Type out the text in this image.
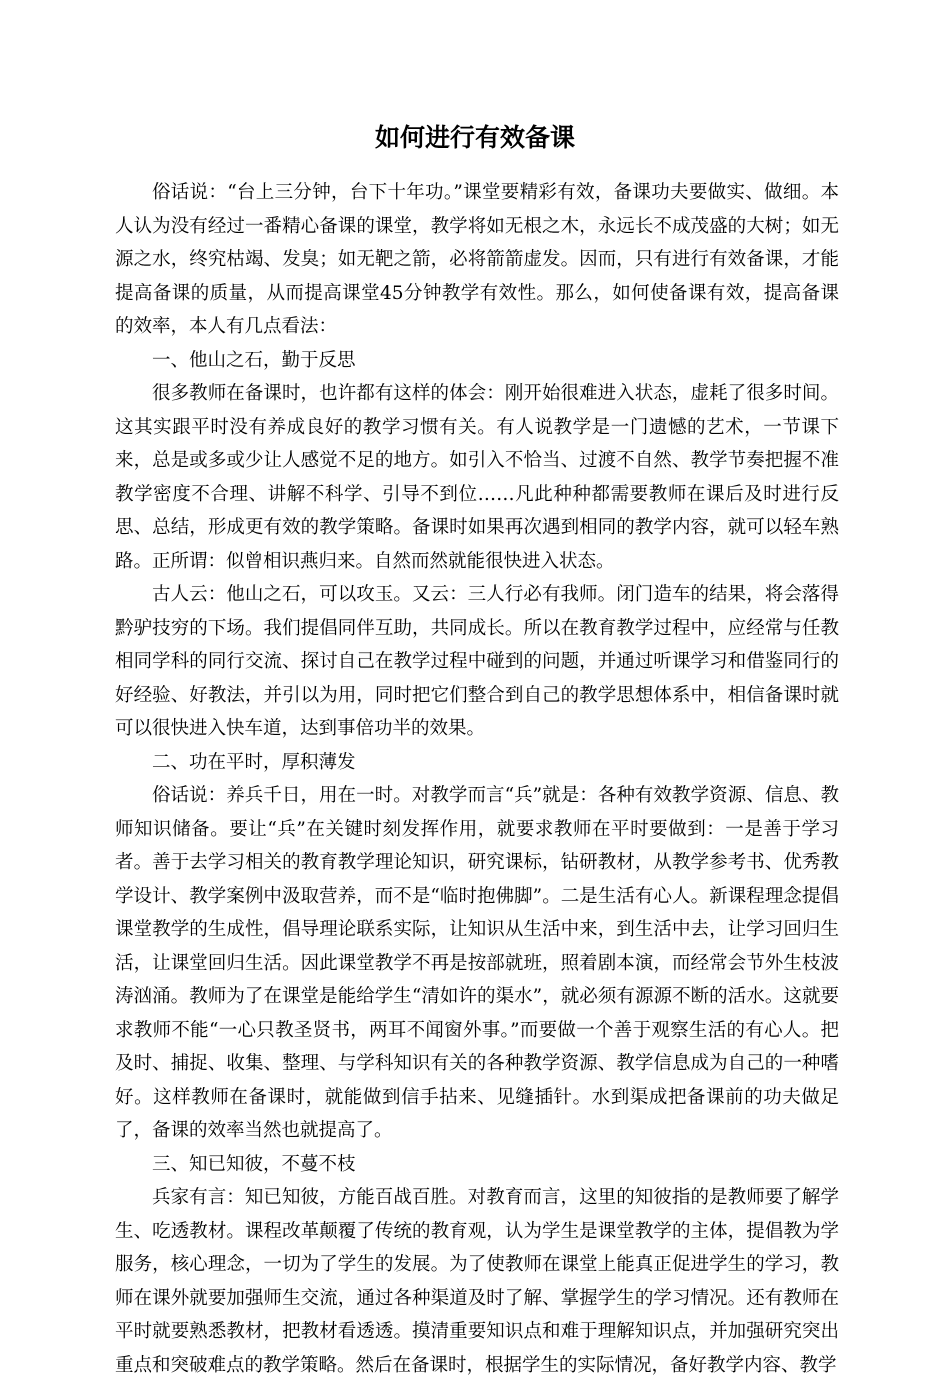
如何进行有效备课

俗话说：“台上三分钟，台下十年功。”课堂要精彩有效，备课功夫要做实、做细。本人认为没有经过一番精心备课的课堂，教学将如无根之木，永远长不成茂盛的大树；如无源之水，终究枯竭、发臭；如无靶之箭，必将箭箭虚发。因而，只有进行有效备课，才能提高备课的质量，从而提高课堂45分钟教学有效性。那么，如何使备课有效，提高备课的效率，本人有几点看法：

一、他山之石，勤于反思

很多教师在备课时，也许都有这样的体会：刚开始很难进入状态，虚耗了很多时间。这其实跟平时没有养成良好的教学习惯有关。有人说教学是一门遗憾的艺术，一节课下来，总是或多或少让人感觉不足的地方。如引入不恰当、过渡不自然、教学节奏把握不准教学密度不合理、讲解不科学、引导不到位……凡此种种都需要教师在课后及时进行反思、总结，形成更有效的教学策略。备课时如果再次遇到相同的教学内容，就可以轻车熟路。正所谓：似曾相识燕归来。自然而然就能很快进入状态。

古人云：他山之石，可以攻玉。又云：三人行必有我师。闭门造车的结果，将会落得黔驴技穷的下场。我们提倡同伴互助，共同成长。所以在教育教学过程中，应经常与任教相同学科的同行交流、探讨自己在教学过程中碰到的问题，并通过听课学习和借鉴同行的好经验、好教法，并引以为用，同时把它们整合到自己的教学思想体系中，相信备课时就可以很快进入快车道，达到事倍功半的效果。

二、功在平时，厚积薄发

俗话说：养兵千日，用在一时。对教学而言“兵”就是：各种有效教学资源、信息、教师知识储备。要让“兵”在关键时刻发挥作用，就要求教师在平时要做到：一是善于学习者。善于去学习相关的教育教学理论知识，研究课标，钻研教材，从教学参考书、优秀教学设计、教学案例中汲取营养，而不是“临时抱佛脚”。二是生活有心人。新课程理念提倡课堂教学的生成性，倡导理论联系实际，让知识从生活中来，到生活中去，让学习回归生活，让课堂回归生活。因此课堂教学不再是按部就班，照着剧本演，而经常会节外生枝波涛汹涌。教师为了在课堂是能给学生“清如许的渠水”，就必须有源源不断的活水。这就要求教师不能“一心只教圣贤书，两耳不闻窗外事。”而要做一个善于观察生活的有心人。把及时、捕捉、收集、整理、与学科知识有关的各种教学资源、教学信息成为自己的一种嗜好。这样教师在备课时，就能做到信手拈来、见缝插针。水到渠成把备课前的功夫做足了，备课的效率当然也就提高了。

三、知已知彼，不蔓不枝

兵家有言：知已知彼，方能百战百胜。对教育而言，这里的知彼指的是教师要了解学生、吃透教材。课程改革颠覆了传统的教育观，认为学生是课堂教学的主体，提倡教为学服务，核心理念，一切为了学生的发展。为了使教师在课堂上能真正促进学生的学习，教师在课外就要加强师生交流，通过各种渠道及时了解、掌握学生的学习情况。还有教师在平时就要熟悉教材，把教材看透透。摸清重要知识点和难于理解知识点，并加强研究突出重点和突破难点的教学策略。然后在备课时，根据学生的实际情况，备好教学内容、教学
